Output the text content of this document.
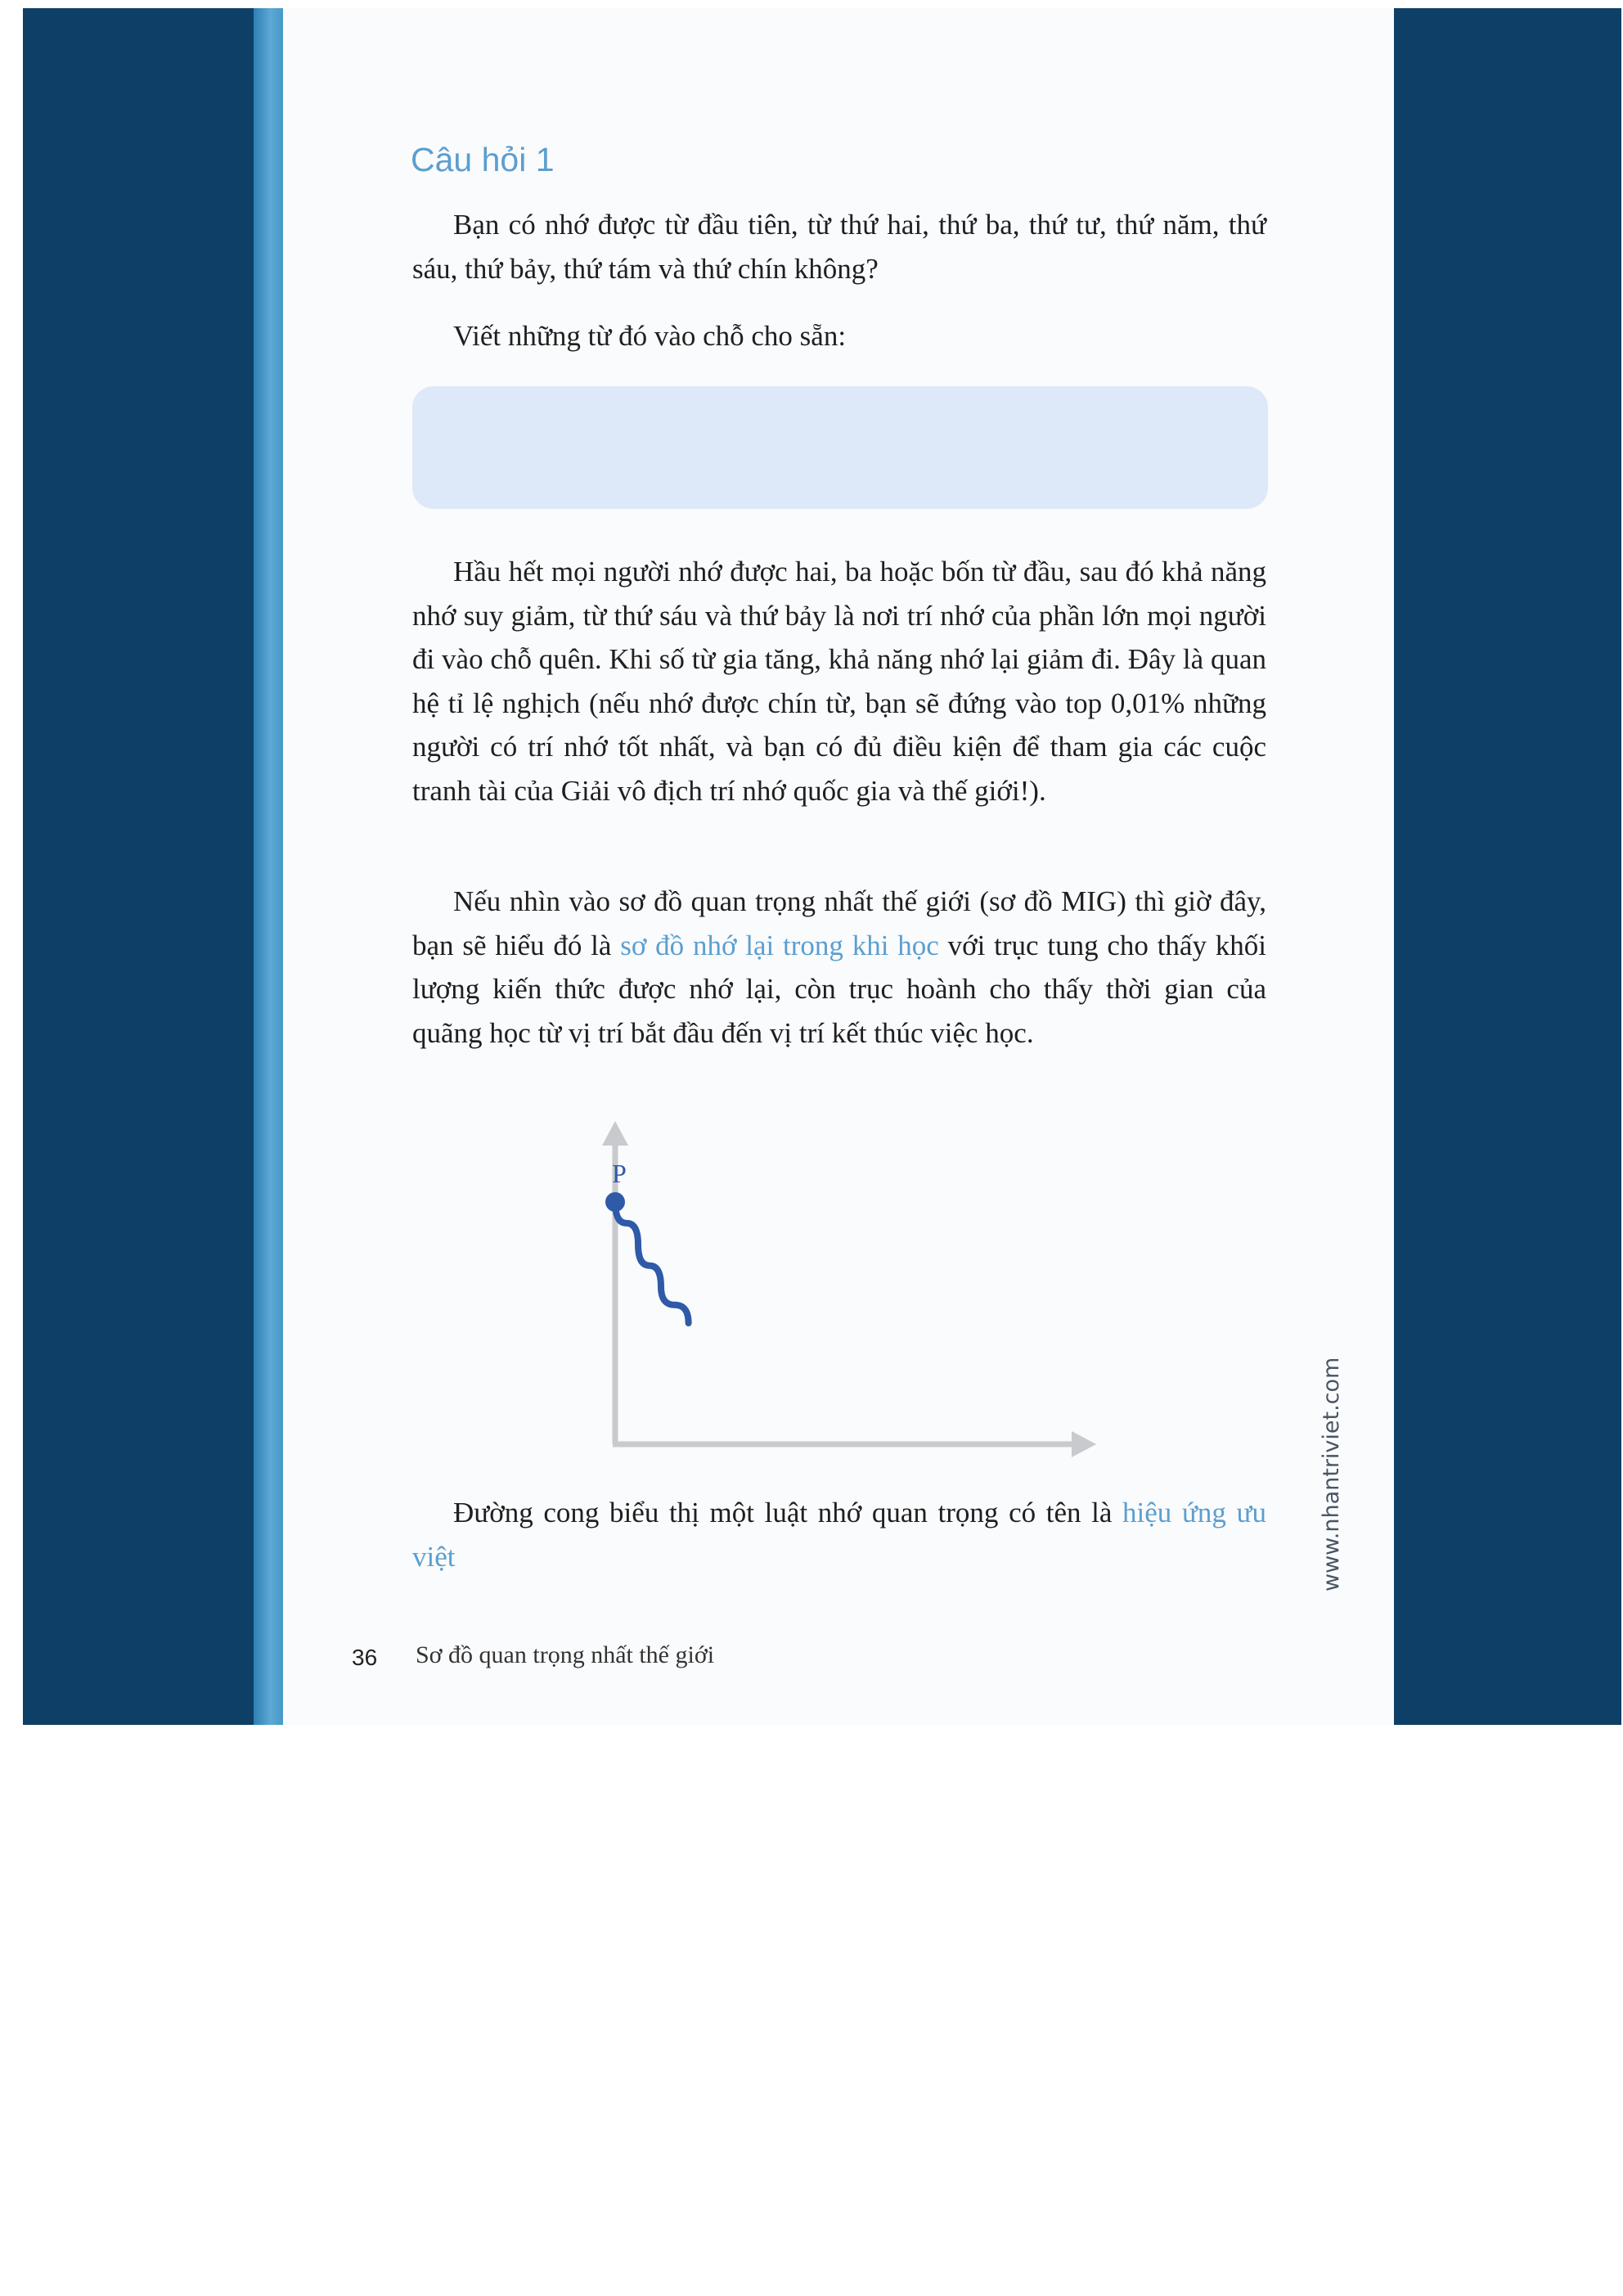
Câu hỏi 1

Bạn có nhớ được từ đầu tiên, từ thứ hai, thứ ba, thứ tư, thứ năm, thứ sáu, thứ bảy, thứ tám và thứ chín không?

Viết những từ đó vào chỗ cho sẵn:

Hầu hết mọi người nhớ được hai, ba hoặc bốn từ đầu, sau đó khả năng nhớ suy giảm, từ thứ sáu và thứ bảy là nơi trí nhớ của phần lớn mọi người đi vào chỗ quên. Khi số từ gia tăng, khả năng nhớ lại giảm đi. Đây là quan hệ tỉ lệ nghịch (nếu nhớ được chín từ, bạn sẽ đứng vào top 0,01% những người có trí nhớ tốt nhất, và bạn có đủ điều kiện để tham gia các cuộc tranh tài của Giải vô địch trí nhớ quốc gia và thế giới!).

Nếu nhìn vào sơ đồ quan trọng nhất thế giới (sơ đồ MIG) thì giờ đây, bạn sẽ hiểu đó là sơ đồ nhớ lại trong khi học với trục tung cho thấy khối lượng kiến thức được nhớ lại, còn trục hoành cho thấy thời gian của quãng học từ vị trí bắt đầu đến vị trí kết thúc việc học.

P

Đường cong biểu thị một luật nhớ quan trọng có tên là hiệu ứng ưu việt

36 Sơ đồ quan trọng nhất thế giới
www.nhantriviet.com
